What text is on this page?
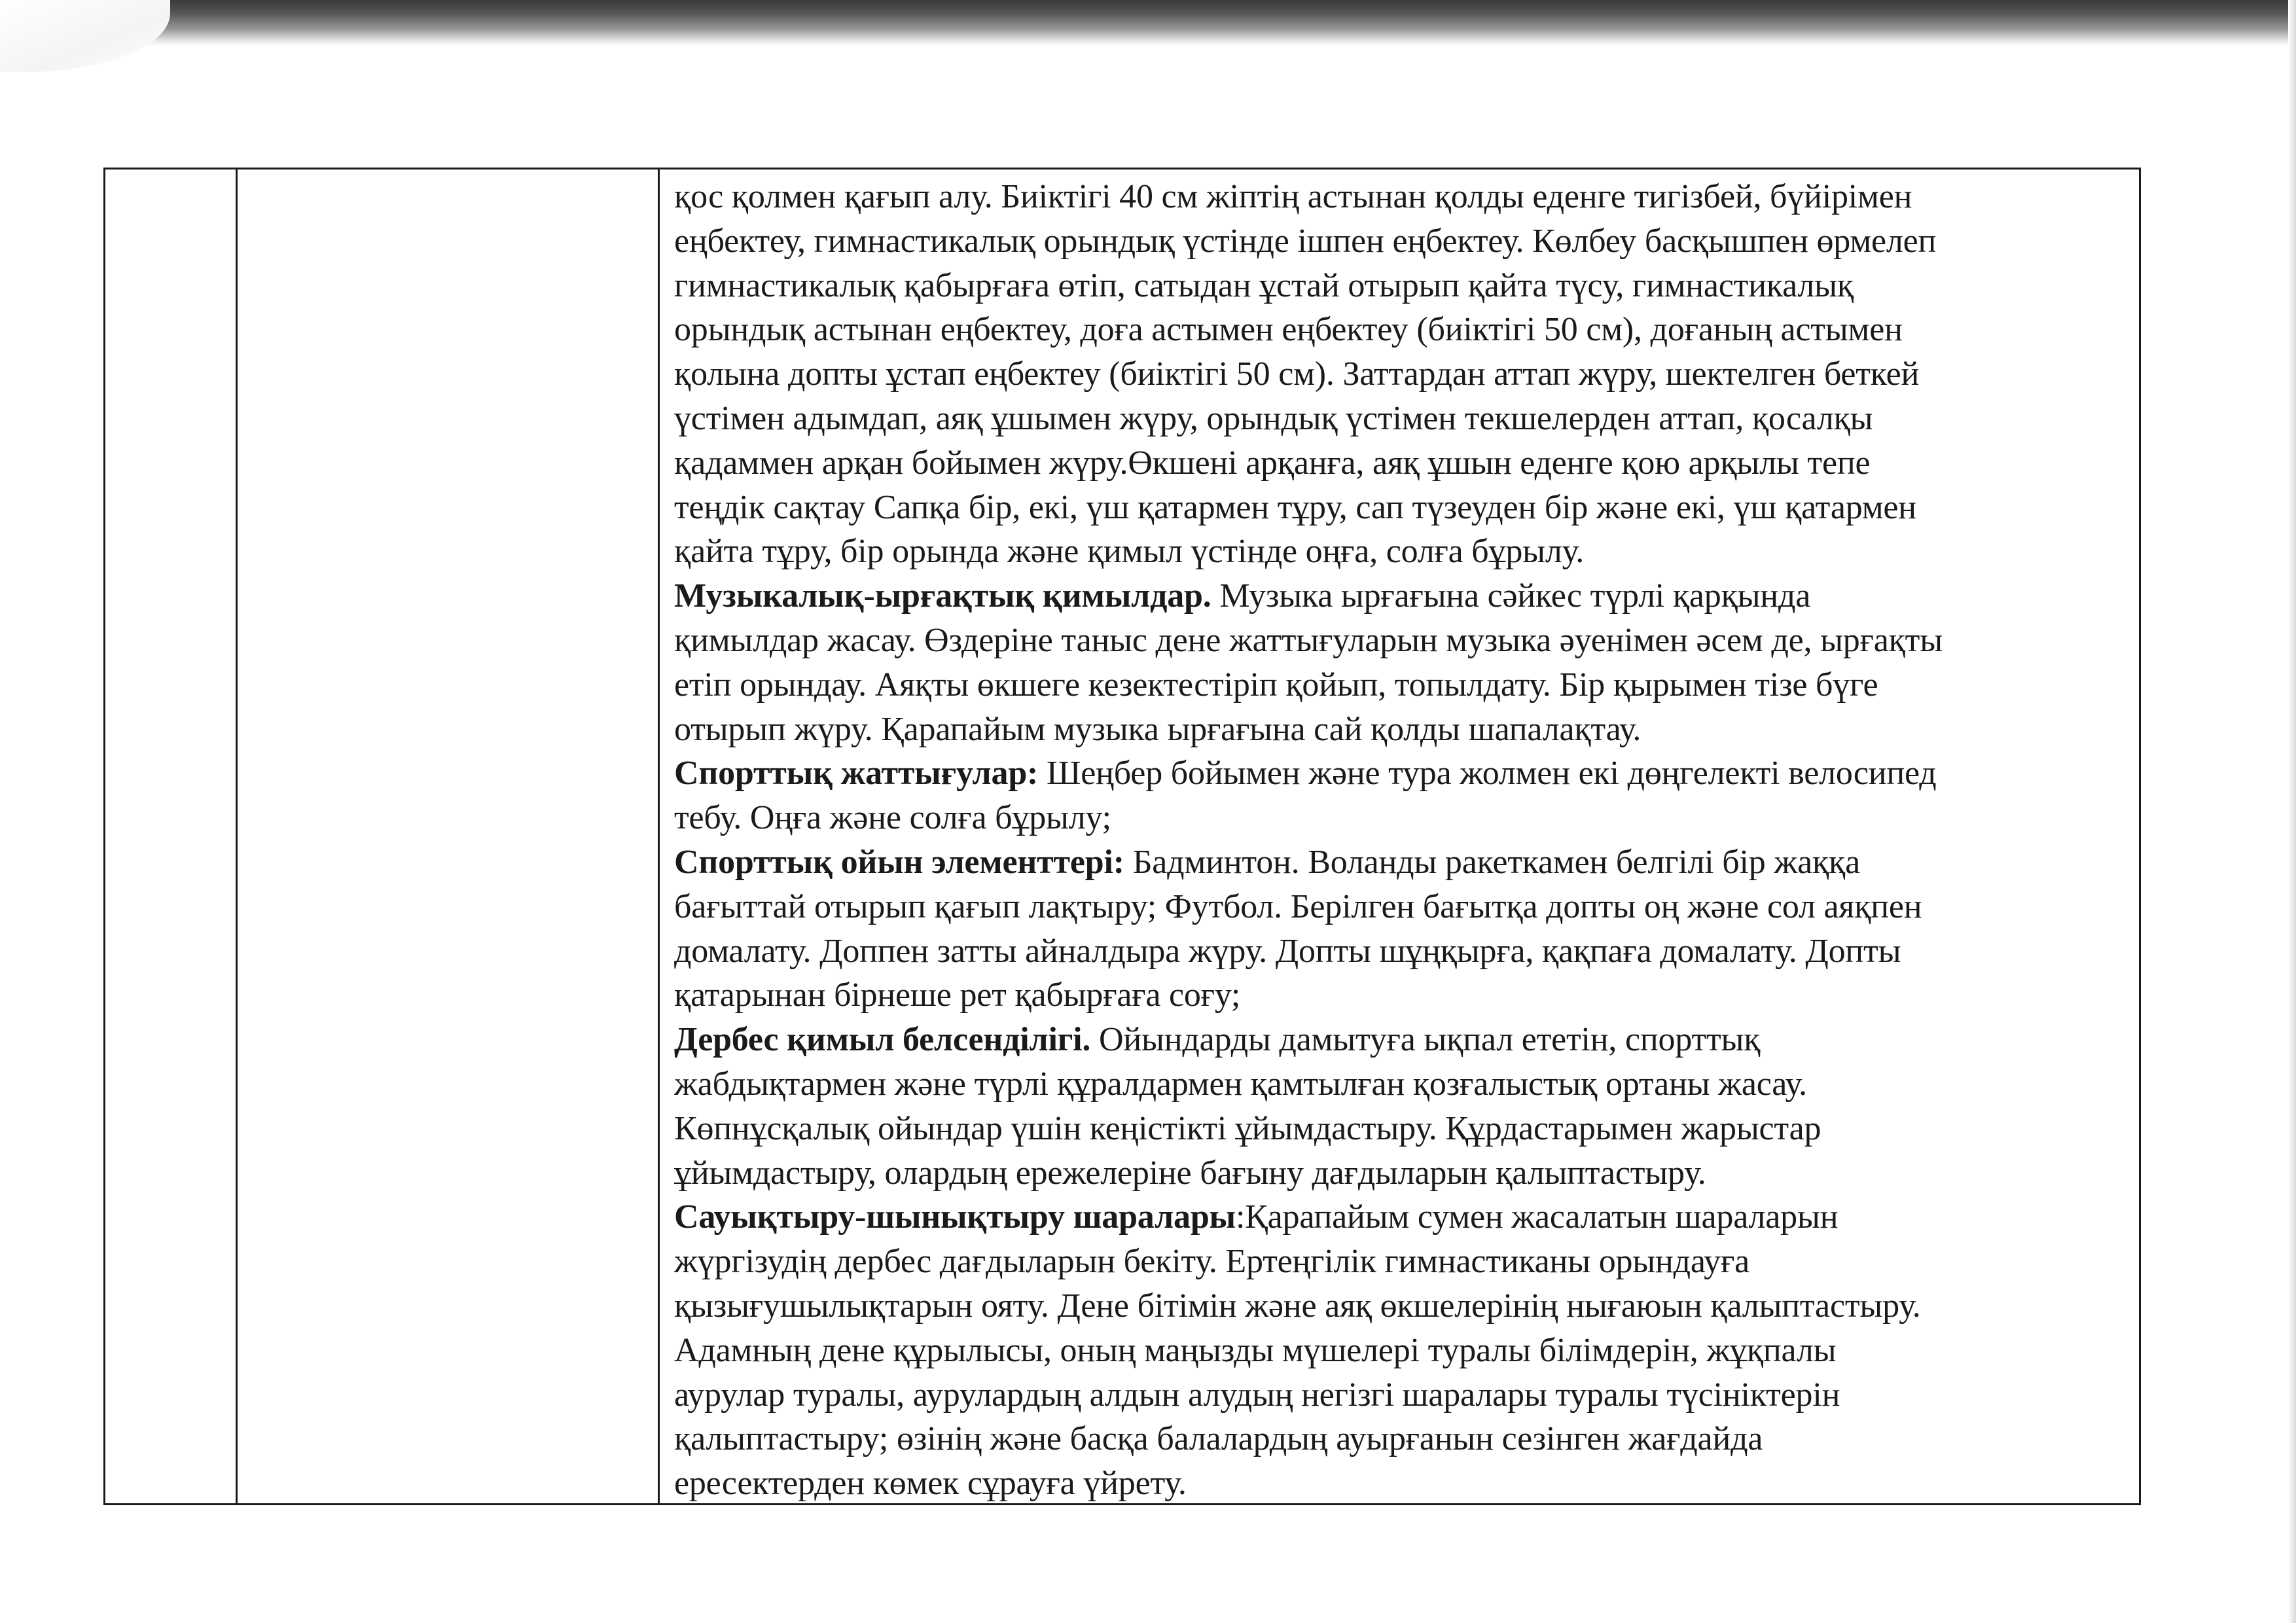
қос қолмен қағып алу. Биіктігі 40 см жіптің астынан қолды еденге тигізбей, бүйірімен
еңбектеу, гимнастикалық орындық үстінде ішпен еңбектеу. Көлбеу басқышпен өрмелеп
гимнастикалық қабырғаға өтіп, сатыдан ұстай отырып қайта түсу, гимнастикалық
орындық астынан еңбектеу, доға астымен еңбектеу (биіктігі 50 см), доғаның астымен
қолына допты ұстап еңбектеу (биіктігі 50 см). Заттардан аттап жүру, шектелген беткей
үстімен адымдап, аяқ ұшымен жүру, орындық үстімен текшелерден аттап, қосалқы
қадаммен арқан бойымен жүру.Өкшені арқанға, аяқ ұшын еденге қою арқылы тепе
теңдік сақтау Сапқа бір, екі, үш қатармен тұру, сап түзеуден бір және екі, үш қатармен
қайта тұру, бір орында және қимыл үстінде оңға, солға бұрылу.
Музыкалық-ырғақтық қимылдар. Музыка ырғағына сәйкес түрлі қарқында
қимылдар жасау. Өздеріне таныс дене жаттығуларын музыка әуенімен әсем де, ырғақты
етіп орындау. Аяқты өкшеге кезектестіріп қойып, топылдату. Бір қырымен тізе бүге
отырып жүру. Қарапайым музыка ырғағына сай қолды шапалақтау.
Спорттық жаттығулар: Шеңбер бойымен және тура жолмен екі дөңгелекті велосипед
тебу. Оңға және солға бұрылу;
Спорттық ойын элементтері: Бадминтон. Воланды ракеткамен белгілі бір жаққа
бағыттай отырып қағып лақтыру; Футбол. Берілген бағытқа допты оң және сол аяқпен
домалату. Доппен затты айналдыра жүру. Допты шұңқырға, қақпаға домалату. Допты
қатарынан бірнеше рет қабырғаға соғу;
Дербес қимыл белсенділігі. Ойындарды дамытуға ықпал ететін, спорттық
жабдықтармен және түрлі құралдармен қамтылған қозғалыстық ортаны жасау.
Көпнұсқалық ойындар үшін кеңістікті ұйымдастыру. Құрдастарымен жарыстар
ұйымдастыру, олардың ережелеріне бағыну дағдыларын қалыптастыру.
Сауықтыру-шынықтыру шаралары:Қарапайым сумен жасалатын шараларын
жүргізудің дербес дағдыларын бекіту. Ертеңгілік гимнастиканы орындауға
қызығушылықтарын ояту. Дене бітімін және аяқ өкшелерінің нығаюын қалыптастыру.
Адамның дене құрылысы, оның маңызды мүшелері туралы білімдерін, жұқпалы
аурулар туралы, аурулардың алдын алудың негізгі шаралары туралы түсініктерін
қалыптастыру; өзінің және басқа балалардың ауырғанын сезінген жағдайда
ересектерден көмек сұрауға үйрету.
